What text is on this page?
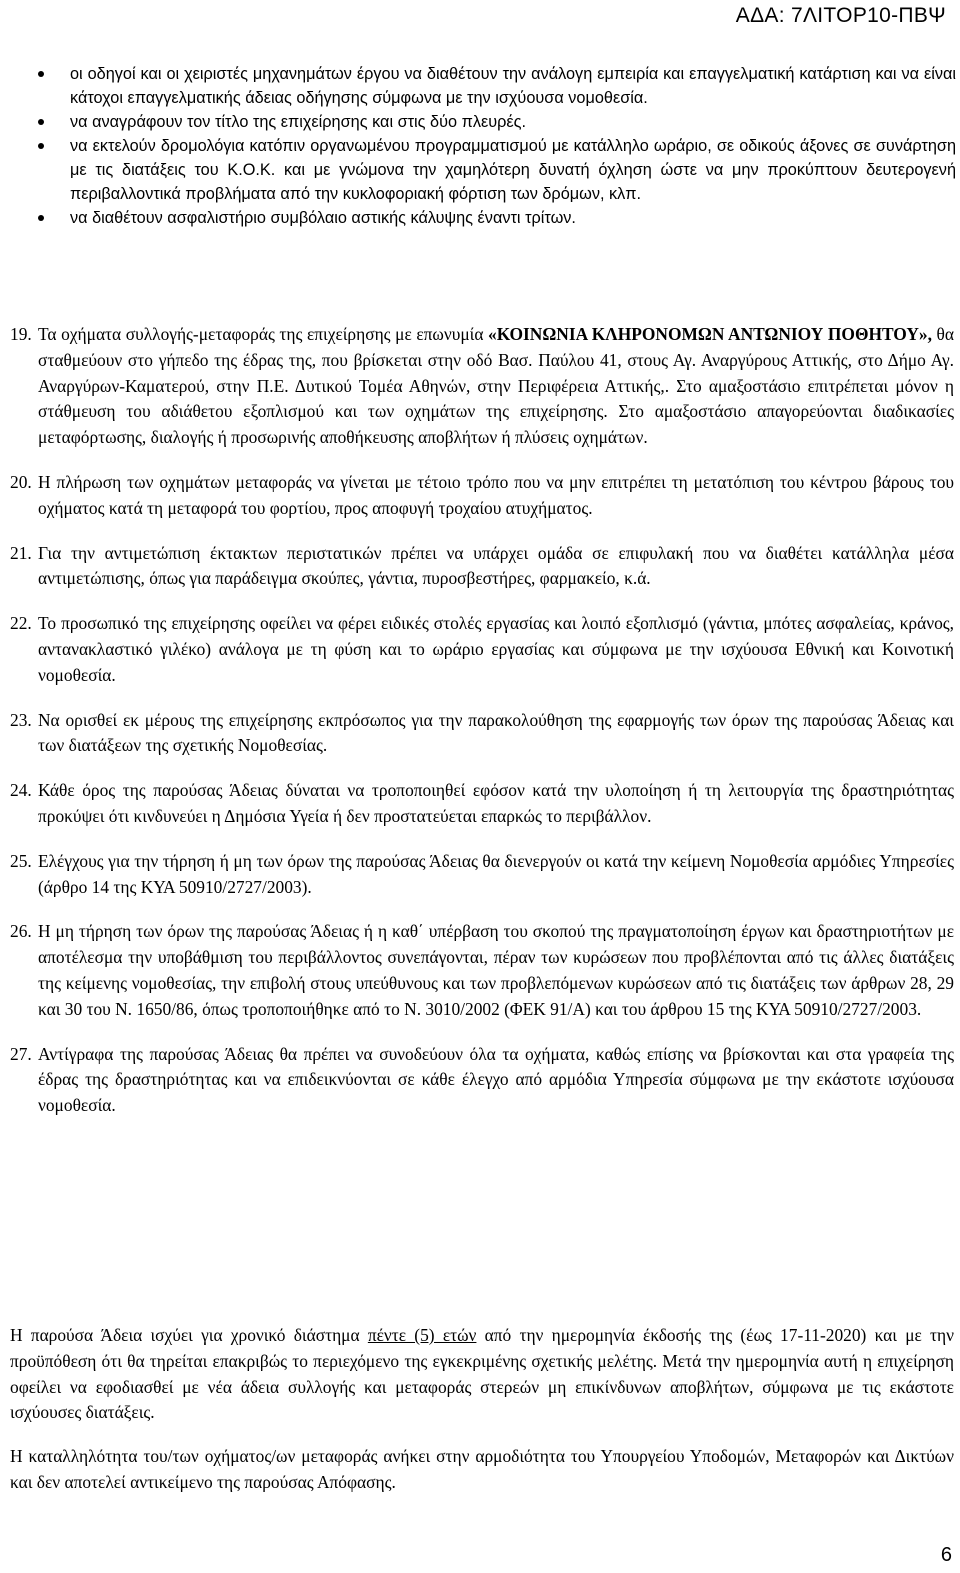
ΑΔΑ: 7ΛΙΤΟΡ10-ΠΒΨ
οι οδηγοί και οι χειριστές μηχανημάτων έργου να διαθέτουν την ανάλογη εμπειρία και επαγγελματική κατάρτιση και να είναι κάτοχοι επαγγελματικής άδειας οδήγησης σύμφωνα με την ισχύουσα νομοθεσία.
να αναγράφουν τον τίτλο της επιχείρησης και στις δύο πλευρές.
να εκτελούν δρομολόγια κατόπιν οργανωμένου προγραμματισμού με κατάλληλο ωράριο, σε οδικούς άξονες σε συνάρτηση με τις διατάξεις του Κ.Ο.Κ. και με γνώμονα την χαμηλότερη δυνατή όχληση ώστε να μην προκύπτουν δευτερογενή περιβαλλοντικά προβλήματα από την κυκλοφοριακή φόρτιση των δρόμων, κλπ.
να διαθέτουν ασφαλιστήριο συμβόλαιο αστικής κάλυψης έναντι τρίτων.
19. Τα οχήματα συλλογής-μεταφοράς της επιχείρησης με επωνυμία «ΚΟΙΝΩΝΙΑ ΚΛΗΡΟΝΟΜΩΝ ΑΝΤΩΝΙΟΥ ΠΟΘΗΤΟΥ», θα σταθμεύουν στο γήπεδο της έδρας της, που βρίσκεται στην οδό Βασ. Παύλου 41, στους Αγ. Αναργύρους Αττικής, στο Δήμο Αγ. Αναργύρων-Καματερού, στην Π.Ε. Δυτικού Τομέα Αθηνών, στην Περιφέρεια Αττικής,. Στο αμαξοστάσιο επιτρέπεται μόνον η στάθμευση του αδιάθετου εξοπλισμού και των οχημάτων της επιχείρησης. Στο αμαξοστάσιο απαγορεύονται διαδικασίες μεταφόρτωσης, διαλογής ή προσωρινής αποθήκευσης αποβλήτων ή πλύσεις οχημάτων.
20. Η πλήρωση των οχημάτων μεταφοράς να γίνεται με τέτοιο τρόπο που να μην επιτρέπει τη μετατόπιση του κέντρου βάρους του οχήματος κατά τη μεταφορά του φορτίου, προς αποφυγή τροχαίου ατυχήματος.
21. Για την αντιμετώπιση έκτακτων περιστατικών πρέπει να υπάρχει ομάδα σε επιφυλακή που να διαθέτει κατάλληλα μέσα αντιμετώπισης, όπως για παράδειγμα σκούπες, γάντια, πυροσβεστήρες, φαρμακείο, κ.ά.
22. Το προσωπικό της επιχείρησης οφείλει να φέρει ειδικές στολές εργασίας και λοιπό εξοπλισμό (γάντια, μπότες ασφαλείας, κράνος, αντανακλαστικό γιλέκο) ανάλογα με τη φύση και το ωράριο εργασίας και σύμφωνα με την ισχύουσα Εθνική και Κοινοτική νομοθεσία.
23. Να ορισθεί εκ μέρους της επιχείρησης εκπρόσωπος για την παρακολούθηση της εφαρμογής των όρων της παρούσας Άδειας και των διατάξεων της σχετικής Νομοθεσίας.
24. Κάθε όρος της παρούσας Άδειας δύναται να τροποποιηθεί εφόσον κατά την υλοποίηση ή τη λειτουργία της δραστηριότητας προκύψει ότι κινδυνεύει η Δημόσια Υγεία ή δεν προστατεύεται επαρκώς το περιβάλλον.
25. Ελέγχους για την τήρηση ή μη των όρων της παρούσας Άδειας θα διενεργούν οι κατά την κείμενη Νομοθεσία αρμόδιες Υπηρεσίες (άρθρο 14 της ΚΥΑ 50910/2727/2003).
26. Η μη τήρηση των όρων της παρούσας Άδειας ή η καθ΄ υπέρβαση του σκοπού της πραγματοποίηση έργων και δραστηριοτήτων με αποτέλεσμα την υποβάθμιση του περιβάλλοντος συνεπάγονται, πέραν των κυρώσεων που προβλέπονται από τις άλλες διατάξεις της κείμενης νομοθεσίας, την επιβολή στους υπεύθυνους και των προβλεπόμενων κυρώσεων από τις διατάξεις των άρθρων 28, 29 και 30 του Ν. 1650/86, όπως τροποποιήθηκε από το Ν. 3010/2002 (ΦΕΚ 91/Α) και του άρθρου 15 της ΚΥΑ 50910/2727/2003.
27. Αντίγραφα της παρούσας Άδειας θα πρέπει να συνοδεύουν όλα τα οχήματα, καθώς επίσης να βρίσκονται και στα γραφεία της έδρας της δραστηριότητας και να επιδεικνύονται σε κάθε έλεγχο από αρμόδια Υπηρεσία σύμφωνα με την εκάστοτε ισχύουσα νομοθεσία.

Η παρούσα Άδεια ισχύει για χρονικό διάστημα πέντε (5) ετών από την ημερομηνία έκδοσής της (έως 17-11-2020) και με την προϋπόθεση ότι θα τηρείται επακριβώς το περιεχόμενο της εγκεκριμένης σχετικής μελέτης. Μετά την ημερομηνία αυτή η επιχείρηση οφείλει να εφοδιασθεί με νέα άδεια συλλογής και μεταφοράς στερεών μη επικίνδυνων αποβλήτων, σύμφωνα με τις εκάστοτε ισχύουσες διατάξεις.

Η καταλληλότητα του/των οχήματος/ων μεταφοράς ανήκει στην αρμοδιότητα του Υπουργείου Υποδομών, Μεταφορών και Δικτύων και δεν αποτελεί αντικείμενο της παρούσας Απόφασης.

6
